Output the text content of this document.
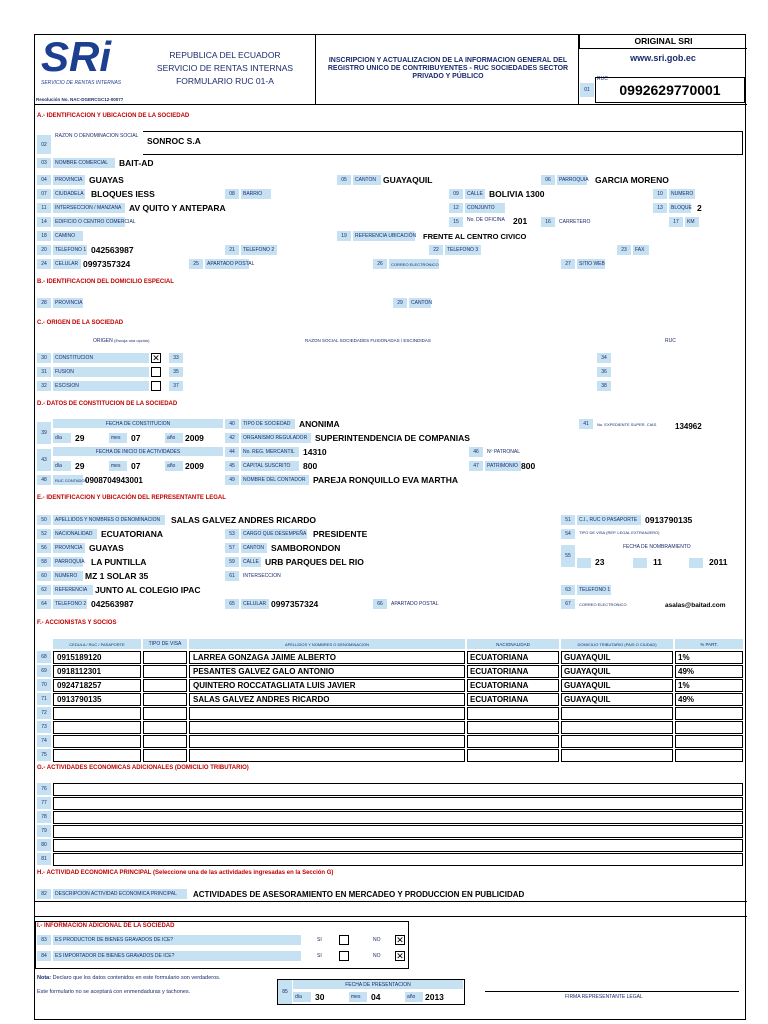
SRi
SERVICIO DE RENTAS INTERNAS
Resolución No. NAC-DGERCGC12-00077
REPUBLICA DEL ECUADOR
SERVICIO DE RENTAS INTERNAS
FORMULARIO RUC 01-A
INSCRIPCION Y ACTUALIZACION DE LA INFORMACION GENERAL DEL REGISTRO UNICO DE CONTRIBUYENTES - RUC SOCIEDADES SECTOR PRIVADO Y PÚBLICO
ORIGINAL SRI
www.sri.gob.ec
RUC
01	0992629770001
A.- IDENTIFICACION Y UBICACION DE LA SOCIEDAD
02
RAZON O DENOMINACION SOCIAL
SONROC S.A
03	NOMBRE COMERCIAL	BAIT-AD
04	PROVINCIA GUAYAS	05	CANTON GUAYAQUIL	06	PARROQUIA GARCIA MORENO
07	CIUDADELA BLOQUES IESS	08	BARRIO	09	CALLE BOLIVIA 1300	10	NUMERO
11	INTERSECCION / MANZANA AV QUITO Y ANTEPARA	12	CONJUNTO	13	BLOQUE 2
14	EDIFICIO O CENTRO COMERCIAL	15	No. DE OFICINA 201	16	CARRETERO	17	KM
18	CAMINO	19	REFERENCIA UBICACIÓN FRENTE AL CENTRO CIVICO
20	TELEFONO 1 042563987	21	TELEFONO 2	22	TELEFONO 3	23	FAX
24	CELULAR 0997357324	25	APARTADO POSTAL	26	CORREO ELECTRONICO	27	SITIO WEB
B.- IDENTIFICACION DEL DOMICILIO ESPECIAL
28	PROVINCIA	29	CANTON
C.- ORIGEN DE LA SOCIEDAD
ORIGEN (Escoja una opción)	RAZON SOCIAL SOCIEDADES FUSIONADAS / ESCINDIDAS	RUC
30	CONSTITUCION	✕	33	34
31	FUSION	35	36
32	ESCISION	37	38
D.- DATOS DE CONSTITUCION DE LA SOCIEDAD
FECHA DE CONSTITUCION
39
día	29	mes	07	año	2009
40	TIPO DE SOCIEDAD ANONIMA	41	No. EXPEDIENTE SUPER. CIAS.	134962
42	ORGANISMO REGULADOR SUPERINTENDENCIA DE COMPANIAS
FECHA DE INICIO DE ACTIVIDADES
43
día	29	mes	07	año	2009
44	No. REG. MERCANTIL 14310	46	Nº PATRONAL
45	CAPITAL SUSCRITO	800	47	PATRIMONIO 800
48	RUC CONTADOR
0908704943001	49	NOMBRE DEL CONTADOR PAREJA RONQUILLO EVA MARTHA
E.- IDENTIFICACION Y UBICACIÓN DEL REPRESENTANTE LEGAL
50	APELLIDOS Y NOMBRES O DENOMINACION	SALAS GALVEZ ANDRES RICARDO	51	C.I., RUC O PASAPORTE 0913790135
52	NACIONALIDAD ECUATORIANA	53	CARGO QUE DESEMPEÑA PRESIDENTE	54	TIPO DE VISA (REP. LEGAL EXTRANJERO)
56	PROVINCIA GUAYAS	57	CANTON SAMBORONDON
55
FECHA DE NOMBRAMIENTO
58	PARROQUIA LA PUNTILLA	59	CALLE URB PARQUES DEL RIO	23	11	2011
60	NUMERO MZ 1 SOLAR 35	61	INTERSECCION
62	REFERENCIA JUNTO AL COLEGIO IPAC	63	TELEFONO 1
64	TELEFONO 2 042563987	65	CELULAR 0997357324	66	APARTADO POSTAL	67	CORREO ELECTRONICO	asalas@baitad.com
F.- ACCIONISTAS Y SOCIOS
CEDULA / RUC / PASAPORTE	TIPO DE VISA	APELLIDOS Y NOMBRES O DENOMINACION	NACIONALIDAD	DOMICILIO TRIBUTARIO (PAIS O CIUDAD)	% PART.
68	0915189120	LARREA GONZAGA JAIME ALBERTO	ECUATORIANA	GUAYAQUIL	1%
69	0918112301	PESANTES GALVEZ GALO ANTONIO	ECUATORIANA	GUAYAQUIL	49%
70	0924718257	QUINTERO ROCCATAGLIATA LUIS JAVIER	ECUATORIANA	GUAYAQUIL	1%
71	0913790135	SALAS GALVEZ ANDRES RICARDO	ECUATORIANA	GUAYAQUIL	49%
72
73
74
75
G.- ACTIVIDADES ECONOMICAS ADICIONALES (DOMICILIO TRIBUTARIO)
76
77
78
79
80
81
H.- ACTIVIDAD ECONOMICA PRINCIPAL (Seleccione una de las actividades ingresadas en la Sección G)
82	DESCRIPCION ACTIVIDAD ECONOMICA PRINCIPAL	ACTIVIDADES DE ASESORAMIENTO EN MERCADEO Y PRODUCCION EN PUBLICIDAD
I.- INFORMACION ADICIONAL DE LA SOCIEDAD
83	ES PRODUCTOR DE BIENES GRAVADOS DE ICE?	SI	NO ✕
84	ES IMPORTADOR DE BIENES GRAVADOS DE ICE?	SI	NO ✕
Nota: Declaro que los datos contenidos en este formulario son verdaderos.
Este formulario no se aceptará con enmendaduras y tachones.	85
FECHA DE PRESENTACION
día	30	mes	04	año	2013	FIRMA REPRESENTANTE LEGAL
